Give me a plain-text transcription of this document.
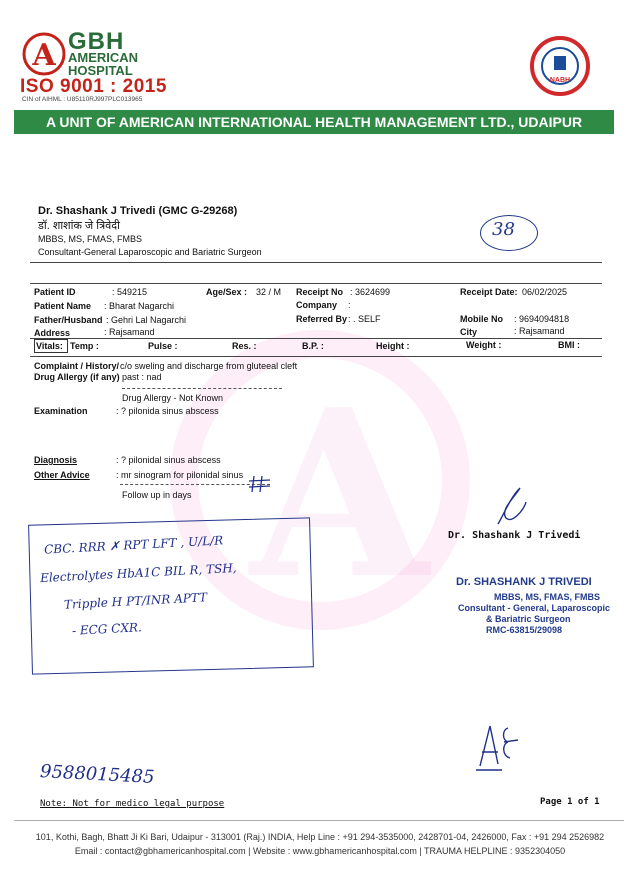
A
A GBH
AMERICAN
HOSPITAL
ISO 9001 : 2015
CIN of AIHML : U85110RJ997PLC013965
NABH
A UNIT OF AMERICAN INTERNATIONAL HEALTH MANAGEMENT LTD., UDAIPUR
Dr. Shashank J Trivedi (GMC G-29268)
डॉ. शाशांक जे त्रिवेदी
MBBS, MS, FMAS, FMBS
Consultant-General Laparoscopic and Bariatric Surgeon
38
Patient ID	: 549215	Age/Sex : 32 / M Receipt No : 3624699	Receipt Date: 06/02/2025
Patient Name : Bharat Nagarchi	Company :
Father/Husband : Gehri Lal Nagarchi	Referred By : . SELF	Mobile No : 9694094818
Address	: Rajsamand	City	: Rajsamand
Vitals: Temp :	Pulse :	Res. :	B.P. :	Height :	Weight :	BMI :
Complaint / History/ c/o sweling and discharge from gluteeal cleft
Drug Allergy (if any) past : nad
Drug Allergy - Not Known
Examination	: ? pilonida sinus abscess
Diagnosis	: ? pilonidal sinus abscess
Other Advice	: mr sinogram for pilonidal sinus
Follow up in days
Dr. Shashank J Trivedi
CBC. RRR ✗ RPT LFT , U/L/R
Electrolytes HbA1C BIL R, TSH,
Tripple H PT/INR APTT
- ECG CXR.
Dr. SHASHANK J TRIVEDI
MBBS, MS, FMAS, FMBS
Consultant - General, Laparoscopic
& Bariatric Surgeon
RMC-63815/29098
9588015485
Note: Not for medico legal purpose	Page 1 of 1
101, Kothi, Bagh, Bhatt Ji Ki Bari, Udaipur - 313001 (Raj.) INDIA, Help Line : +91 294-3535000, 2428701-04, 2426000, Fax : +91 294 2526982
Email : contact@gbhamericanhospital.com | Website : www.gbhamericanhospital.com | TRAUMA HELPLINE : 9352304050
